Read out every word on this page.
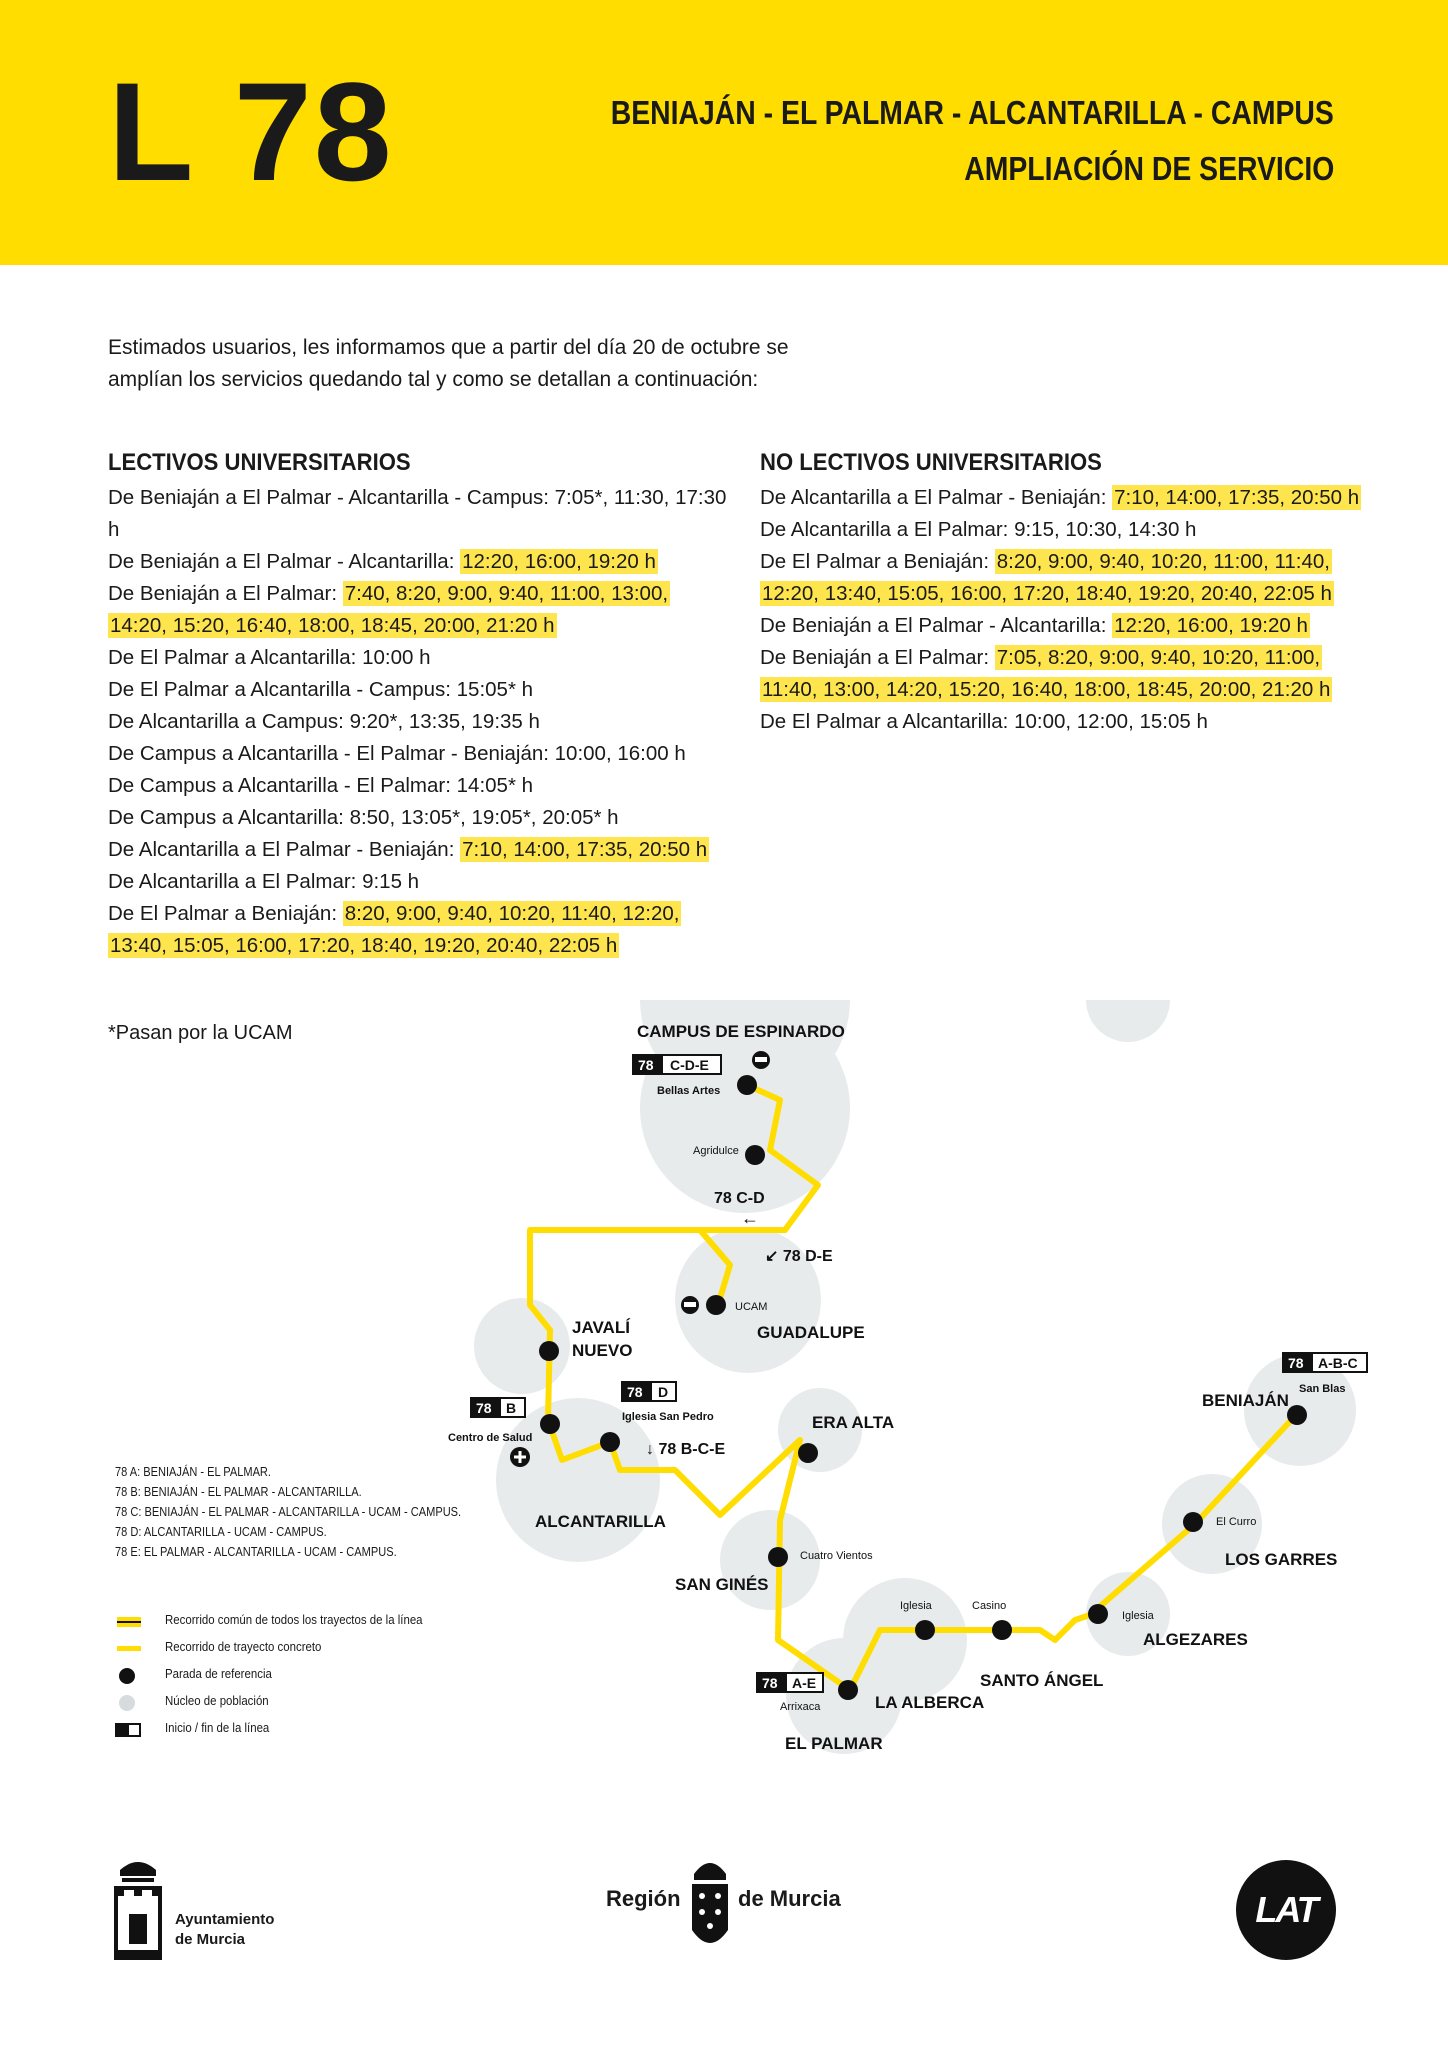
L 78	BENIAJÁN - EL PALMAR - ALCANTARILLA - CAMPUS
AMPLIACIÓN DE SERVICIO
Estimados usuarios, les informamos que a partir del día 20 de octubre se amplían los servicios quedando tal y como se detallan a continuación:
LECTIVOS UNIVERSITARIOS

De Beniaján a El Palmar - Alcantarilla - Campus: 7:05*, 11:30, 17:30 h

De Beniaján a El Palmar - Alcantarilla: 12:20, 16:00, 19:20 h

De Beniaján a El Palmar: 7:40, 8:20, 9:00, 9:40, 11:00, 13:00, 14:20, 15:20, 16:40, 18:00, 18:45, 20:00, 21:20 h

De El Palmar a Alcantarilla: 10:00 h

De El Palmar a Alcantarilla - Campus: 15:05* h

De Alcantarilla a Campus: 9:20*, 13:35, 19:35 h

De Campus a Alcantarilla - El Palmar - Beniaján: 10:00, 16:00 h

De Campus a Alcantarilla - El Palmar: 14:05* h

De Campus a Alcantarilla: 8:50, 13:05*, 19:05*, 20:05* h

De Alcantarilla a El Palmar - Beniaján: 7:10, 14:00, 17:35, 20:50 h

De Alcantarilla a El Palmar: 9:15 h

De El Palmar a Beniaján: 8:20, 9:00, 9:40, 10:20, 11:40, 12:20, 13:40, 15:05, 16:00, 17:20, 18:40, 19:20, 20:40, 22:05 h

NO LECTIVOS UNIVERSITARIOS

De Alcantarilla a El Palmar - Beniaján: 7:10, 14:00, 17:35, 20:50 h

De Alcantarilla a El Palmar: 9:15, 10:30, 14:30 h

De El Palmar a Beniaján: 8:20, 9:00, 9:40, 10:20, 11:00, 11:40, 12:20, 13:40, 15:05, 16:00, 17:20, 18:40, 19:20, 20:40, 22:05 h

De Beniaján a El Palmar - Alcantarilla: 12:20, 16:00, 19:20 h

De Beniaján a El Palmar: 7:05, 8:20, 9:00, 9:40, 10:20, 11:00, 11:40, 13:00, 14:20, 15:20, 16:40, 18:00, 18:45, 20:00, 21:20 h

De El Palmar a Alcantarilla: 10:00, 12:00, 15:05 h

*Pasan por la UCAM	CAMPUS DE ESPINARDO
JAVALÍ
NUEVO
GUADALUPE
ALCANTARILLA
ERA ALTA
SAN GINÉS
EL PALMAR
LA ALBERCA
SANTO ÁNGEL
ALGEZARES
LOS GARRES
BENIAJÁN
Bellas Artes
Agridulce
UCAM
Centro de Salud
Iglesia San Pedro
Cuatro Vientos
Arrixaca
Iglesia	Casino
Iglesia
El Curro
San Blas
78 C-D-E
78 B
78 D
78 A-E
78 A-B-C
78 C-D
←
↙ 78 D-E
↓ 78 B-C-E
78 A: BENIAJÁN - EL PALMAR.
78 B: BENIAJÁN - EL PALMAR - ALCANTARILLA.
78 C: BENIAJÁN - EL PALMAR - ALCANTARILLA - UCAM - CAMPUS.
78 D: ALCANTARILLA - UCAM - CAMPUS.
78 E: EL PALMAR - ALCANTARILLA - UCAM - CAMPUS.
Recorrido común de todos los trayectos de la línea
Recorrido de trayecto concreto
Parada de referencia
Núcleo de población
Inicio / fin de la línea
Ayuntamiento
de Murcia
Región	de Murcia	LAT
